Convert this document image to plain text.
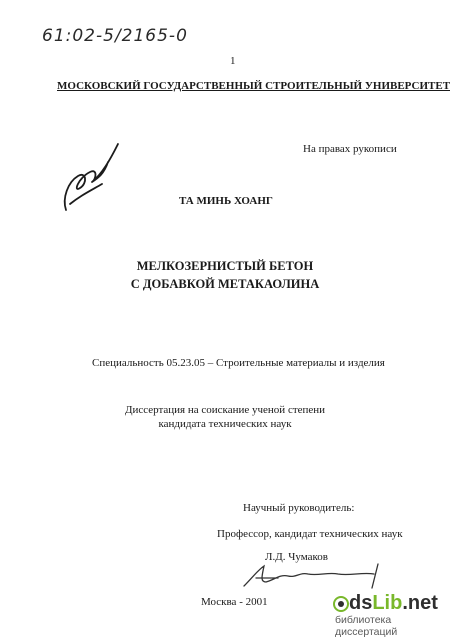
61:02-5/2165-0
1
МОСКОВСКИЙ ГОСУДАРСТВЕННЫЙ СТРОИТЕЛЬНЫЙ УНИВЕРСИТЕТ
На правах рукописи
ТА МИНЬ ХОАНГ
МЕЛКОЗЕРНИСТЫЙ БЕТОН
С ДОБАВКОЙ МЕТАКАОЛИНА
Специальность 05.23.05 – Строительные материалы и изделия
Диссертация на соискание ученой степени
кандидата технических наук
Научный руководитель:
Профессор, кандидат технических наук
Л.Д. Чумаков
Москва - 2001	dsLib.net
библиотека диссертаций
